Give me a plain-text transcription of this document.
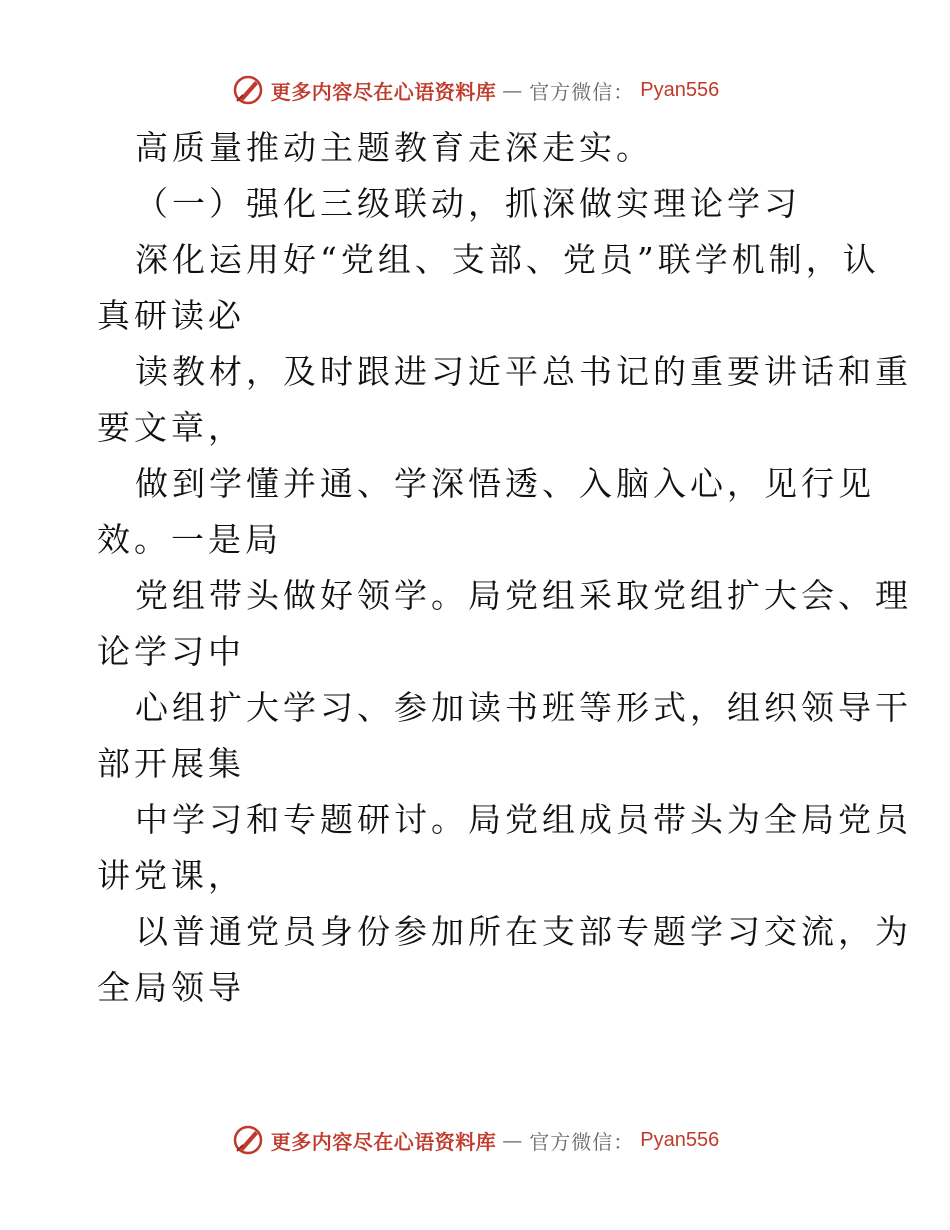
更多内容尽在心语资料库 — 官方微信： Pyan556
高质量推动主题教育走深走实。
（一）强化三级联动，抓深做实理论学习
深化运用好“党组、支部、党员”联学机制，认
真研读必
读教材，及时跟进习近平总书记的重要讲话和重
要文章，
做到学懂并通、学深悟透、入脑入心，见行见
效。一是局
党组带头做好领学。局党组采取党组扩大会、理
论学习中
心组扩大学习、参加读书班等形式，组织领导干
部开展集
中学习和专题研讨。局党组成员带头为全局党员
讲党课，
以普通党员身份参加所在支部专题学习交流，为
全局领导
更多内容尽在心语资料库 — 官方微信： Pyan556
